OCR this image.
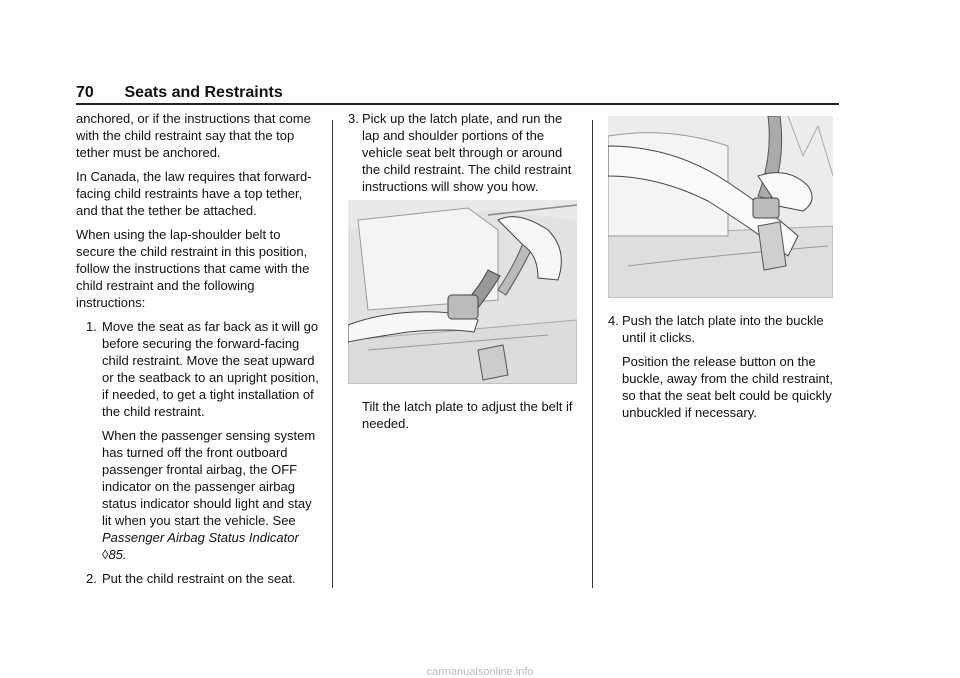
70 Seats and Restraints

anchored, or if the instructions that come with the child restraint say that the top tether must be anchored.

In Canada, the law requires that forward-facing child restraints have a top tether, and that the tether be attached.

When using the lap-shoulder belt to secure the child restraint in this position, follow the instructions that came with the child restraint and the following instructions:

1. Move the seat as far back as it will go before securing the forward-facing child restraint. Move the seat upward or the seatback to an upright position, if needed, to get a tight installation of the child restraint.
When the passenger sensing system has turned off the front outboard passenger frontal airbag, the OFF indicator on the passenger airbag status indicator should light and stay lit when you start the vehicle. See Passenger Airbag Status Indicator ◊85.
2. Put the child restraint on the seat.
3. Pick up the latch plate, and run the lap and shoulder portions of the vehicle seat belt through or around the child restraint. The child restraint instructions will show you how.

Tilt the latch plate to adjust the belt if needed.

4. Push the latch plate into the buckle until it clicks.
Position the release button on the buckle, away from the child restraint, so that the seat belt could be quickly unbuckled if necessary.
carmanualsonline.info
